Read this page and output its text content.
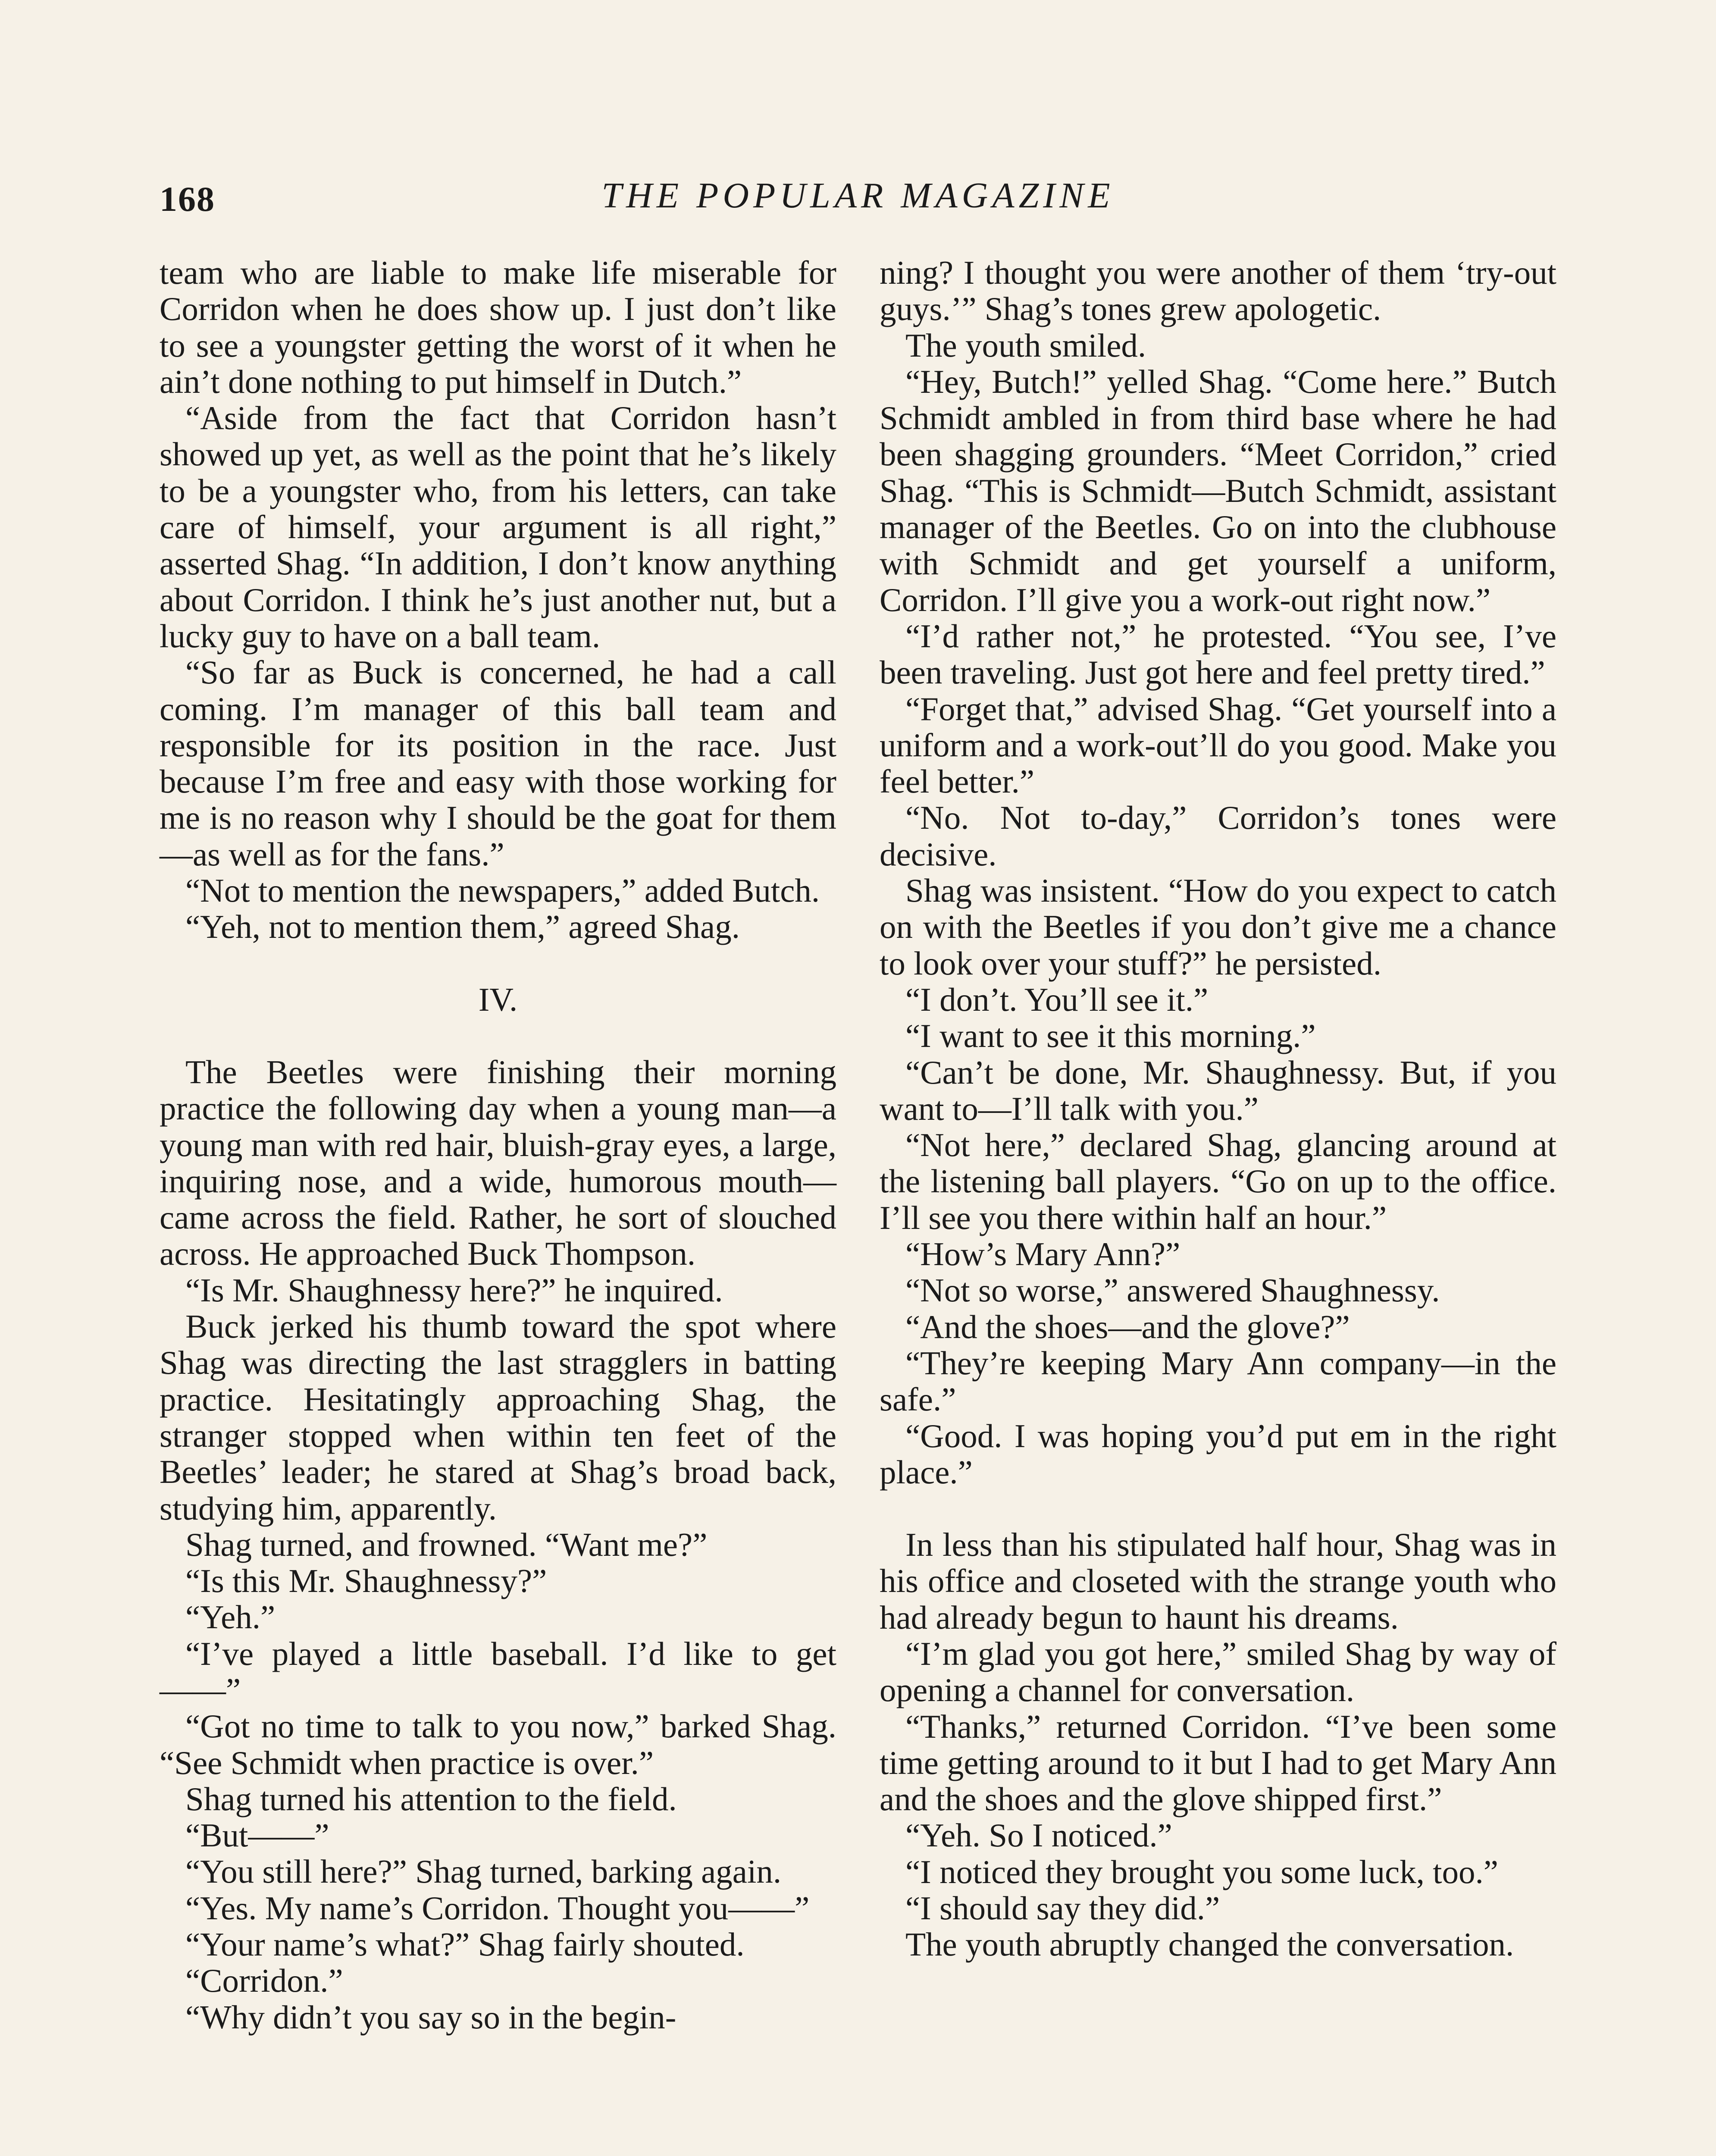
168	THE POPULAR MAGAZINE

team who are liable to make life miserable for Corridon when he does show up. I just don’t like to see a youngster getting the worst of it when he ain’t done nothing to put himself in Dutch.”

“Aside from the fact that Corridon hasn’t showed up yet, as well as the point that he’s likely to be a youngster who, from his letters, can take care of himself, your argument is all right,” asserted Shag. “In addition, I don’t know anything about Corridon. I think he’s just another nut, but a lucky guy to have on a ball team.

“So far as Buck is concerned, he had a call coming. I’m manager of this ball team and responsible for its position in the race. Just because I’m free and easy with those working for me is no reason why I should be the goat for them—as well as for the fans.”

“Not to mention the newspapers,” added Butch.

“Yeh, not to mention them,” agreed Shag.

IV.

The Beetles were finishing their morning practice the following day when a young man—a young man with red hair, bluish-gray eyes, a large, inquiring nose, and a wide, humorous mouth—came across the field. Rather, he sort of slouched across. He approached Buck Thompson.

“Is Mr. Shaughnessy here?” he inquired.

Buck jerked his thumb toward the spot where Shag was directing the last stragglers in batting practice. Hesitatingly approaching Shag, the stranger stopped when within ten feet of the Beetles’ leader; he stared at Shag’s broad back, studying him, apparently.

Shag turned, and frowned. “Want me?”

“Is this Mr. Shaughnessy?”

“Yeh.”

“I’ve played a little baseball. I’d like to get——”

“Got no time to talk to you now,” barked Shag. “See Schmidt when practice is over.”

Shag turned his attention to the field.

“But——”

“You still here?” Shag turned, barking again.

“Yes. My name’s Corridon. Thought you——”

“Your name’s what?” Shag fairly shouted.

“Corridon.”

“Why didn’t you say so in the begin-

ning? I thought you were another of them ‘try-out guys.’” Shag’s tones grew apologetic.

The youth smiled.

“Hey, Butch!” yelled Shag. “Come here.” Butch Schmidt ambled in from third base where he had been shagging grounders. “Meet Corridon,” cried Shag. “This is Schmidt—Butch Schmidt, assistant manager of the Beetles. Go on into the clubhouse with Schmidt and get yourself a uniform, Corridon. I’ll give you a work-out right now.”

“I’d rather not,” he protested. “You see, I’ve been traveling. Just got here and feel pretty tired.”

“Forget that,” advised Shag. “Get yourself into a uniform and a work-out’ll do you good. Make you feel better.”

“No. Not to-day,” Corridon’s tones were decisive.

Shag was insistent. “How do you expect to catch on with the Beetles if you don’t give me a chance to look over your stuff?” he persisted.

“I don’t. You’ll see it.”

“I want to see it this morning.”

“Can’t be done, Mr. Shaughnessy. But, if you want to—I’ll talk with you.”

“Not here,” declared Shag, glancing around at the listening ball players. “Go on up to the office. I’ll see you there within half an hour.”

“How’s Mary Ann?”

“Not so worse,” answered Shaughnessy.

“And the shoes—and the glove?”

“They’re keeping Mary Ann company—in the safe.”

“Good. I was hoping you’d put em in the right place.”

In less than his stipulated half hour, Shag was in his office and closeted with the strange youth who had already begun to haunt his dreams.

“I’m glad you got here,” smiled Shag by way of opening a channel for conversation.

“Thanks,” returned Corridon. “I’ve been some time getting around to it but I had to get Mary Ann and the shoes and the glove shipped first.”

“Yeh. So I noticed.”

“I noticed they brought you some luck, too.”

“I should say they did.”

The youth abruptly changed the conversation.
